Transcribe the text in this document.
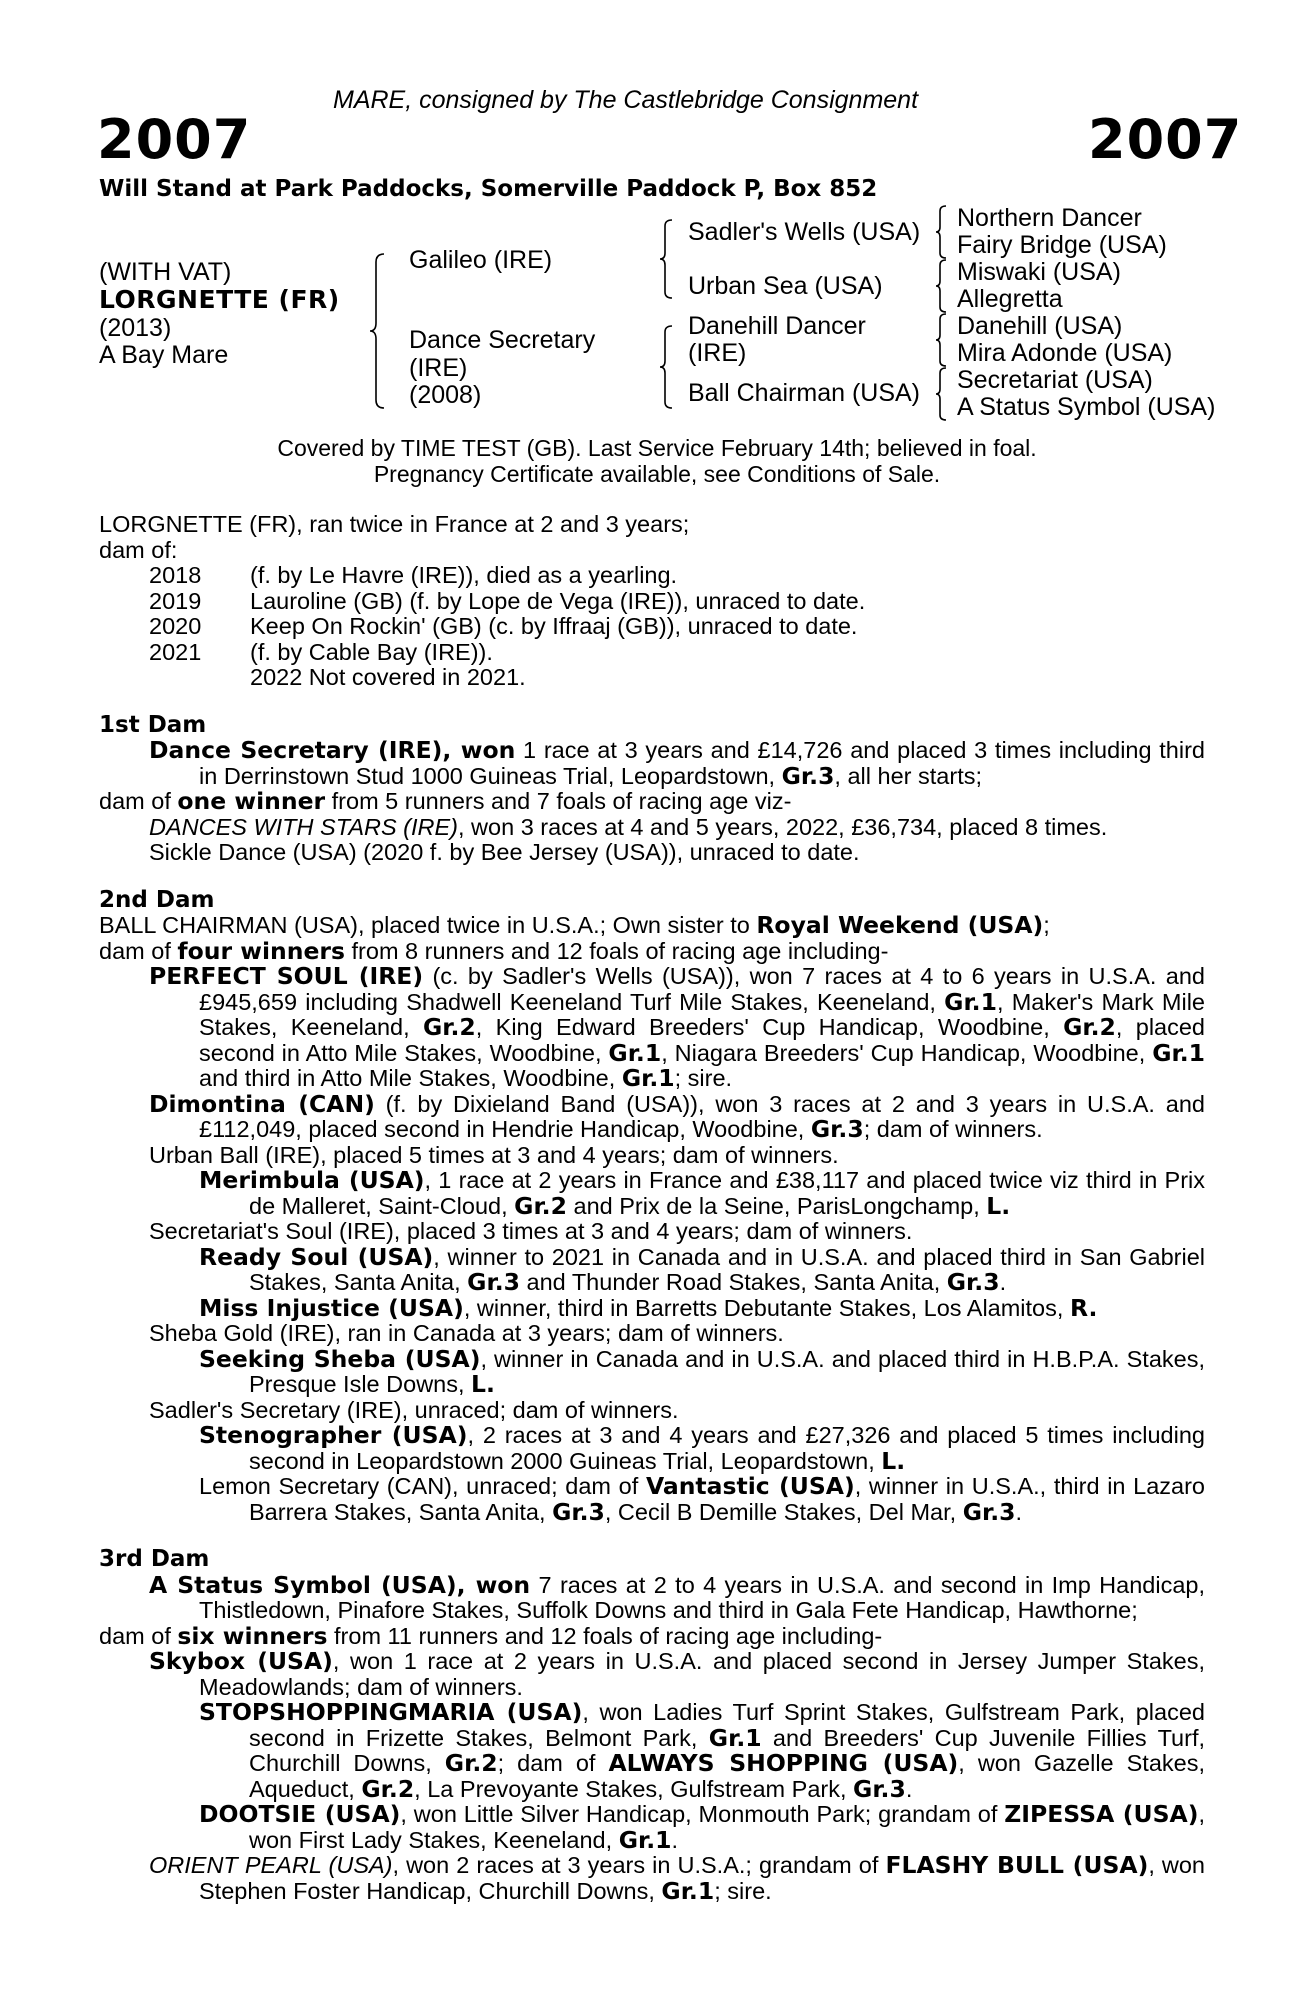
MARE, consigned by The Castlebridge Consignment
2007	2007
Will Stand at Park Paddocks, Somerville Paddock P, Box 852
(WITH VAT)
LORGNETTE (FR)
(2013)
A Bay Mare
Galileo (IRE)
Dance Secretary
(IRE)
(2008)
Sadler's Wells (USA)
Urban Sea (USA)
Danehill Dancer
(IRE)
Ball Chairman (USA)
Northern Dancer
Fairy Bridge (USA)
Miswaki (USA)
Allegretta
Danehill (USA)
Mira Adonde (USA)
Secretariat (USA)
A Status Symbol (USA)
Covered by TIME TEST (GB). Last Service February 14th; believed in foal.
Pregnancy Certificate available, see Conditions of Sale.
LORGNETTE (FR), ran twice in France at 2 and 3 years;
dam of:
2018	(f. by Le Havre (IRE)), died as a yearling.
2019	Lauroline (GB) (f. by Lope de Vega (IRE)), unraced to date.
2020	Keep On Rockin' (GB) (c. by Iffraaj (GB)), unraced to date.
2021	(f. by Cable Bay (IRE)).
2022 Not covered in 2021.
1st Dam
Dance Secretary (IRE), won 1 race at 3 years and £14,726 and placed 3 times including third in Derrinstown Stud 1000 Guineas Trial, Leopardstown, Gr.3, all her starts;
dam of one winner from 5 runners and 7 foals of racing age viz-
DANCES WITH STARS (IRE), won 3 races at 4 and 5 years, 2022, £36,734, placed 8 times.
Sickle Dance (USA) (2020 f. by Bee Jersey (USA)), unraced to date.
2nd Dam
BALL CHAIRMAN (USA), placed twice in U.S.A.; Own sister to Royal Weekend (USA);
dam of four winners from 8 runners and 12 foals of racing age including-
PERFECT SOUL (IRE) (c. by Sadler's Wells (USA)), won 7 races at 4 to 6 years in U.S.A. and £945,659 including Shadwell Keeneland Turf Mile Stakes, Keeneland, Gr.1, Maker's Mark Mile Stakes, Keeneland, Gr.2, King Edward Breeders' Cup Handicap, Woodbine, Gr.2, placed second in Atto Mile Stakes, Woodbine, Gr.1, Niagara Breeders' Cup Handicap, Woodbine, Gr.1 and third in Atto Mile Stakes, Woodbine, Gr.1; sire.
Dimontina (CAN) (f. by Dixieland Band (USA)), won 3 races at 2 and 3 years in U.S.A. and £112,049, placed second in Hendrie Handicap, Woodbine, Gr.3; dam of winners.
Urban Ball (IRE), placed 5 times at 3 and 4 years; dam of winners.
Merimbula (USA), 1 race at 2 years in France and £38,117 and placed twice viz third in Prix de Malleret, Saint-Cloud, Gr.2 and Prix de la Seine, ParisLongchamp, L.
Secretariat's Soul (IRE), placed 3 times at 3 and 4 years; dam of winners.
Ready Soul (USA), winner to 2021 in Canada and in U.S.A. and placed third in San Gabriel Stakes, Santa Anita, Gr.3 and Thunder Road Stakes, Santa Anita, Gr.3.
Miss Injustice (USA), winner, third in Barretts Debutante Stakes, Los Alamitos, R.
Sheba Gold (IRE), ran in Canada at 3 years; dam of winners.
Seeking Sheba (USA), winner in Canada and in U.S.A. and placed third in H.B.P.A. Stakes, Presque Isle Downs, L.
Sadler's Secretary (IRE), unraced; dam of winners.
Stenographer (USA), 2 races at 3 and 4 years and £27,326 and placed 5 times including second in Leopardstown 2000 Guineas Trial, Leopardstown, L.
Lemon Secretary (CAN), unraced; dam of Vantastic (USA), winner in U.S.A., third in Lazaro Barrera Stakes, Santa Anita, Gr.3, Cecil B Demille Stakes, Del Mar, Gr.3.
3rd Dam
A Status Symbol (USA), won 7 races at 2 to 4 years in U.S.A. and second in Imp Handicap, Thistledown, Pinafore Stakes, Suffolk Downs and third in Gala Fete Handicap, Hawthorne;
dam of six winners from 11 runners and 12 foals of racing age including-
Skybox (USA), won 1 race at 2 years in U.S.A. and placed second in Jersey Jumper Stakes, Meadowlands; dam of winners.
STOPSHOPPINGMARIA (USA), won Ladies Turf Sprint Stakes, Gulfstream Park, placed second in Frizette Stakes, Belmont Park, Gr.1 and Breeders' Cup Juvenile Fillies Turf, Churchill Downs, Gr.2; dam of ALWAYS SHOPPING (USA), won Gazelle Stakes, Aqueduct, Gr.2, La Prevoyante Stakes, Gulfstream Park, Gr.3.
DOOTSIE (USA), won Little Silver Handicap, Monmouth Park; grandam of ZIPESSA (USA), won First Lady Stakes, Keeneland, Gr.1.
ORIENT PEARL (USA), won 2 races at 3 years in U.S.A.; grandam of FLASHY BULL (USA), won Stephen Foster Handicap, Churchill Downs, Gr.1; sire.
